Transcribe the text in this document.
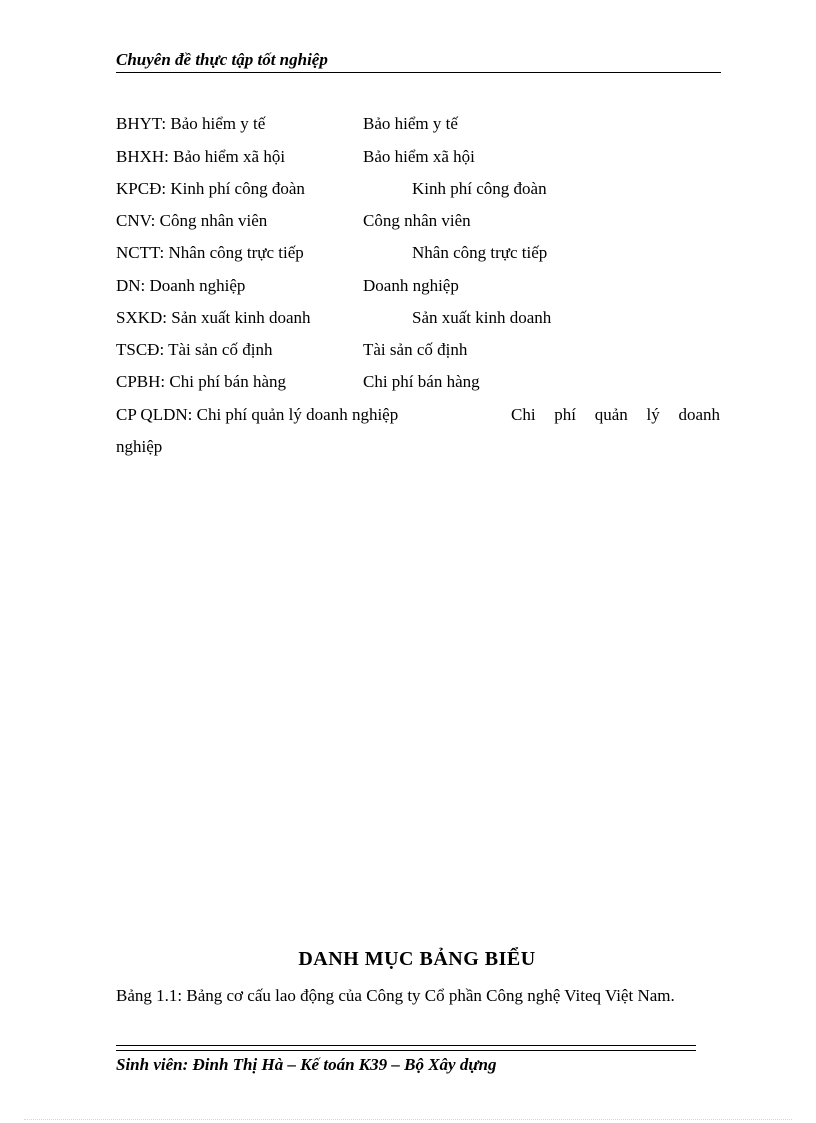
Chuyên đề thực tập tốt nghiệp
BHYT: Bảo hiểm y tế	Bảo hiểm y tế
BHXH: Bảo hiểm xã hội	Bảo hiểm xã hội
KPCĐ: Kinh phí công đoàn	Kinh phí công đoàn
CNV: Công nhân viên	Công nhân viên
NCTT: Nhân công trực tiếp	Nhân công trực tiếp
DN: Doanh nghiệp	Doanh nghiệp
SXKD: Sản xuất kinh doanh	Sản xuất kinh doanh
TSCĐ: Tài sản cố định	Tài sản cố định
CPBH: Chi phí bán hàng	Chi phí bán hàng
CP QLDN: Chi phí quản lý doanh nghiệp	Chi phí quản lý doanh
nghiệp
DANH MỤC BẢNG BIỂU
Bảng 1.1: Bảng cơ cấu lao động của Công ty Cổ phần Công nghệ Viteq Việt Nam.
Sinh viên: Đinh Thị Hà – Kế toán K39 – Bộ Xây dựng
